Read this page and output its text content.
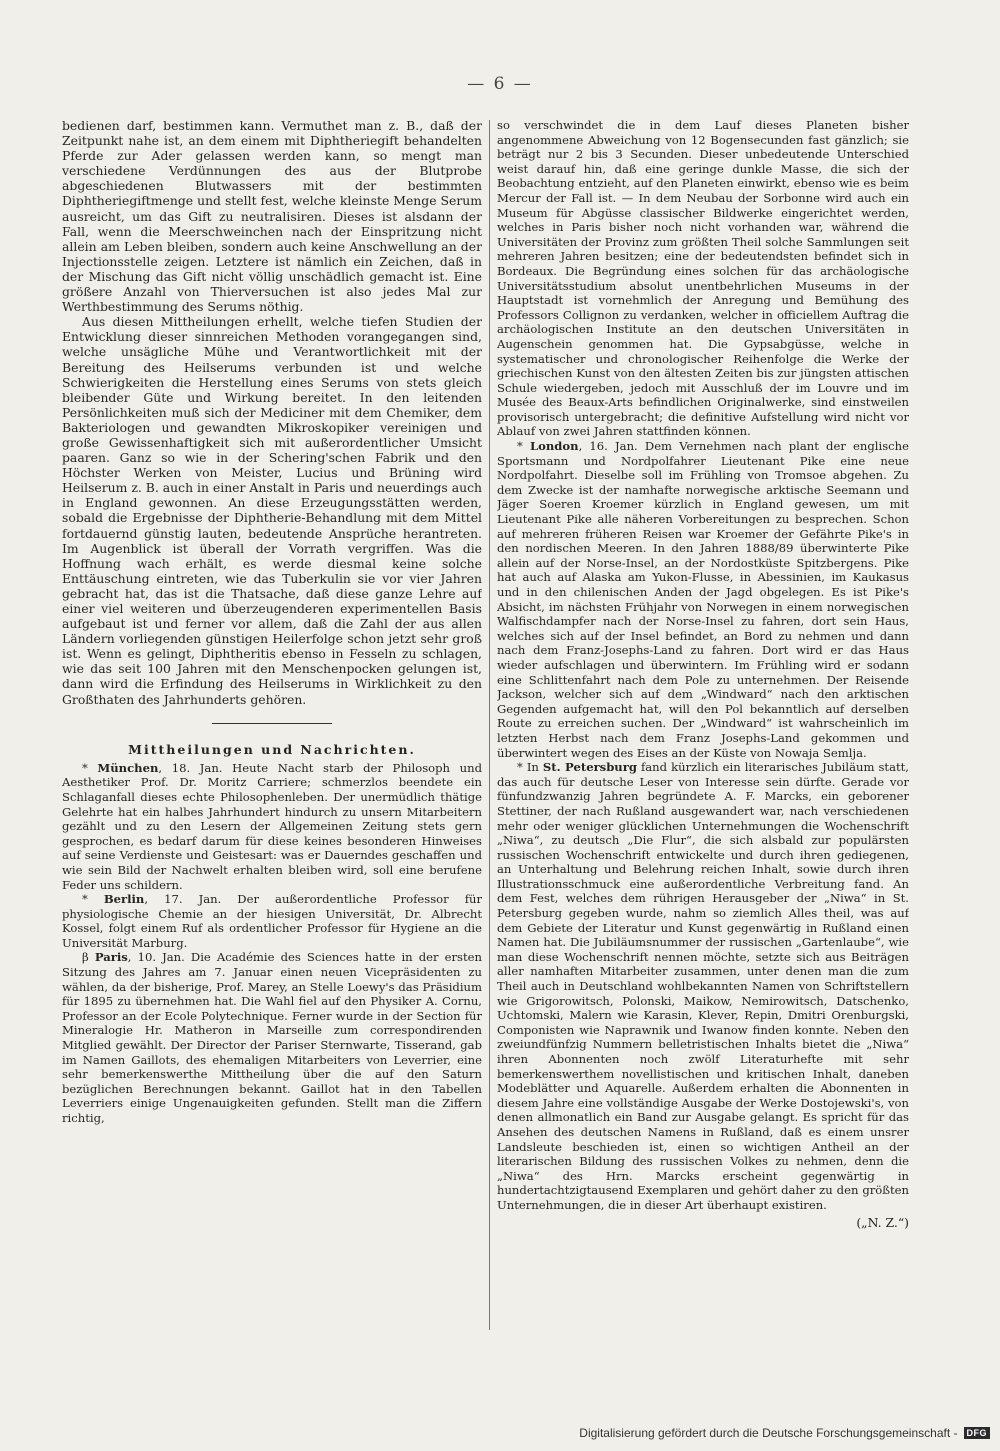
— 6 —

bedienen darf, bestimmen kann. Vermuthet man z. B., daß der Zeitpunkt nahe ist, an dem einem mit Diphtheriegift behandelten Pferde zur Ader gelassen werden kann, so mengt man verschiedene Verdünnungen des aus der Blutprobe abgeschiedenen Blutwassers mit der bestimmten Diphtheriegiftmenge und stellt fest, welche kleinste Menge Serum ausreicht, um das Gift zu neutralisiren. Dieses ist alsdann der Fall, wenn die Meerschweinchen nach der Einspritzung nicht allein am Leben bleiben, sondern auch keine Anschwellung an der Injectionsstelle zeigen. Letztere ist nämlich ein Zeichen, daß in der Mischung das Gift nicht völlig unschädlich gemacht ist. Eine größere Anzahl von Thierversuchen ist also jedes Mal zur Werthbestimmung des Serums nöthig.

Aus diesen Mittheilungen erhellt, welche tiefen Studien der Entwicklung dieser sinnreichen Methoden vorangegangen sind, welche unsägliche Mühe und Verantwortlichkeit mit der Bereitung des Heilserums verbunden ist und welche Schwierigkeiten die Herstellung eines Serums von stets gleich bleibender Güte und Wirkung bereitet. In den leitenden Persönlichkeiten muß sich der Mediciner mit dem Chemiker, dem Bakteriologen und gewandten Mikroskopiker vereinigen und große Gewissenhaftigkeit sich mit außerordentlicher Umsicht paaren. Ganz so wie in der Schering'schen Fabrik und den Höchster Werken von Meister, Lucius und Brüning wird Heilserum z. B. auch in einer Anstalt in Paris und neuerdings auch in England gewonnen. An diese Erzeugungsstätten werden, sobald die Ergebnisse der Diphtherie-Behandlung mit dem Mittel fortdauernd günstig lauten, bedeutende Ansprüche herantreten. Im Augenblick ist überall der Vorrath vergriffen. Was die Hoffnung wach erhält, es werde diesmal keine solche Enttäuschung eintreten, wie das Tuberkulin sie vor vier Jahren gebracht hat, das ist die Thatsache, daß diese ganze Lehre auf einer viel weiteren und überzeugenderen experimentellen Basis aufgebaut ist und ferner vor allem, daß die Zahl der aus allen Ländern vorliegenden günstigen Heilerfolge schon jetzt sehr groß ist. Wenn es gelingt, Diphtheritis ebenso in Fesseln zu schlagen, wie das seit 100 Jahren mit den Menschenpocken gelungen ist, dann wird die Erfindung des Heilserums in Wirklichkeit zu den Großthaten des Jahrhunderts gehören.

Mittheilungen und Nachrichten.

* München, 18. Jan. Heute Nacht starb der Philosoph und Aesthetiker Prof. Dr. Moritz Carriere; schmerzlos beendete ein Schlaganfall dieses echte Philosophenleben. Der unermüdlich thätige Gelehrte hat ein halbes Jahrhundert hindurch zu unsern Mitarbeitern gezählt und zu den Lesern der Allgemeinen Zeitung stets gern gesprochen, es bedarf darum für diese keines besonderen Hinweises auf seine Verdienste und Geistesart: was er Dauerndes geschaffen und wie sein Bild der Nachwelt erhalten bleiben wird, soll eine berufene Feder uns schildern.

* Berlin, 17. Jan. Der außerordentliche Professor für physiologische Chemie an der hiesigen Universität, Dr. Albrecht Kossel, folgt einem Ruf als ordentlicher Professor für Hygiene an die Universität Marburg.

β Paris, 10. Jan. Die Académie des Sciences hatte in der ersten Sitzung des Jahres am 7. Januar einen neuen Vicepräsidenten zu wählen, da der bisherige, Prof. Marey, an Stelle Loewy's das Präsidium für 1895 zu übernehmen hat. Die Wahl fiel auf den Physiker A. Cornu, Professor an der Ecole Polytechnique. Ferner wurde in der Section für Mineralogie Hr. Matheron in Marseille zum correspondirenden Mitglied gewählt. Der Director der Pariser Sternwarte, Tisserand, gab im Namen Gaillots, des ehemaligen Mitarbeiters von Leverrier, eine sehr bemerkenswerthe Mittheilung über die auf den Saturn bezüglichen Berechnungen bekannt. Gaillot hat in den Tabellen Leverriers einige Ungenauigkeiten gefunden. Stellt man die Ziffern richtig,

so verschwindet die in dem Lauf dieses Planeten bisher angenommene Abweichung von 12 Bogensecunden fast gänzlich; sie beträgt nur 2 bis 3 Secunden. Dieser unbedeutende Unterschied weist darauf hin, daß eine geringe dunkle Masse, die sich der Beobachtung entzieht, auf den Planeten einwirkt, ebenso wie es beim Mercur der Fall ist. — In dem Neubau der Sorbonne wird auch ein Museum für Abgüsse classischer Bildwerke eingerichtet werden, welches in Paris bisher noch nicht vorhanden war, während die Universitäten der Provinz zum größten Theil solche Sammlungen seit mehreren Jahren besitzen; eine der bedeutendsten befindet sich in Bordeaux. Die Begründung eines solchen für das archäologische Universitätsstudium absolut unentbehrlichen Museums in der Hauptstadt ist vornehmlich der Anregung und Bemühung des Professors Collignon zu verdanken, welcher in officiellem Auftrag die archäologischen Institute an den deutschen Universitäten in Augenschein genommen hat. Die Gypsabgüsse, welche in systematischer und chronologischer Reihenfolge die Werke der griechischen Kunst von den ältesten Zeiten bis zur jüngsten attischen Schule wiedergeben, jedoch mit Ausschluß der im Louvre und im Musée des Beaux-Arts befindlichen Originalwerke, sind einstweilen provisorisch untergebracht; die definitive Aufstellung wird nicht vor Ablauf von zwei Jahren stattfinden können.

* London, 16. Jan. Dem Vernehmen nach plant der englische Sportsmann und Nordpolfahrer Lieutenant Pike eine neue Nordpolfahrt. Dieselbe soll im Frühling von Tromsoe abgehen. Zu dem Zwecke ist der namhafte norwegische arktische Seemann und Jäger Soeren Kroemer kürzlich in England gewesen, um mit Lieutenant Pike alle näheren Vorbereitungen zu besprechen. Schon auf mehreren früheren Reisen war Kroemer der Gefährte Pike's in den nordischen Meeren. In den Jahren 1888/89 überwinterte Pike allein auf der Norse-Insel, an der Nordostküste Spitzbergens. Pike hat auch auf Alaska am Yukon-Flusse, in Abessinien, im Kaukasus und in den chilenischen Anden der Jagd obgelegen. Es ist Pike's Absicht, im nächsten Frühjahr von Norwegen in einem norwegischen Walfischdampfer nach der Norse-Insel zu fahren, dort sein Haus, welches sich auf der Insel befindet, an Bord zu nehmen und dann nach dem Franz-Josephs-Land zu fahren. Dort wird er das Haus wieder aufschlagen und überwintern. Im Frühling wird er sodann eine Schlittenfahrt nach dem Pole zu unternehmen. Der Reisende Jackson, welcher sich auf dem „Windward“ nach den arktischen Gegenden aufgemacht hat, will den Pol bekanntlich auf derselben Route zu erreichen suchen. Der „Windward“ ist wahrscheinlich im letzten Herbst nach dem Franz Josephs-Land gekommen und überwintert wegen des Eises an der Küste von Nowaja Semlja.

* In St. Petersburg fand kürzlich ein literarisches Jubiläum statt, das auch für deutsche Leser von Interesse sein dürfte. Gerade vor fünfundzwanzig Jahren begründete A. F. Marcks, ein geborener Stettiner, der nach Rußland ausgewandert war, nach verschiedenen mehr oder weniger glücklichen Unternehmungen die Wochenschrift „Niwa“, zu deutsch „Die Flur“, die sich alsbald zur populärsten russischen Wochenschrift entwickelte und durch ihren gediegenen, an Unterhaltung und Belehrung reichen Inhalt, sowie durch ihren Illustrationsschmuck eine außerordentliche Verbreitung fand. An dem Fest, welches dem rührigen Herausgeber der „Niwa“ in St. Petersburg gegeben wurde, nahm so ziemlich Alles theil, was auf dem Gebiete der Literatur und Kunst gegenwärtig in Rußland einen Namen hat. Die Jubiläumsnummer der russischen „Gartenlaube“, wie man diese Wochenschrift nennen möchte, setzte sich aus Beiträgen aller namhaften Mitarbeiter zusammen, unter denen man die zum Theil auch in Deutschland wohlbekannten Namen von Schriftstellern wie Grigorowitsch, Polonski, Maikow, Nemirowitsch, Datschenko, Uchtomski, Malern wie Karasin, Klever, Repin, Dmitri Orenburgski, Componisten wie Naprawnik und Iwanow finden konnte. Neben den zweiundfünfzig Nummern belletristischen Inhalts bietet die „Niwa“ ihren Abonnenten noch zwölf Literaturhefte mit sehr bemerkenswerthem novellistischen und kritischen Inhalt, daneben Modeblätter und Aquarelle. Außerdem erhalten die Abonnenten in diesem Jahre eine vollständige Ausgabe der Werke Dostojewski's, von denen allmonatlich ein Band zur Ausgabe gelangt. Es spricht für das Ansehen des deutschen Namens in Rußland, daß es einem unsrer Landsleute beschieden ist, einen so wichtigen Antheil an der literarischen Bildung des russischen Volkes zu nehmen, denn die „Niwa“ des Hrn. Marcks erscheint gegenwärtig in hundertachtzigtausend Exemplaren und gehört daher zu den größten Unternehmungen, die in dieser Art überhaupt existiren.

(„N. Z.“)
Digitalisierung gefördert durch die Deutsche Forschungsgemeinschaft -	DFG
